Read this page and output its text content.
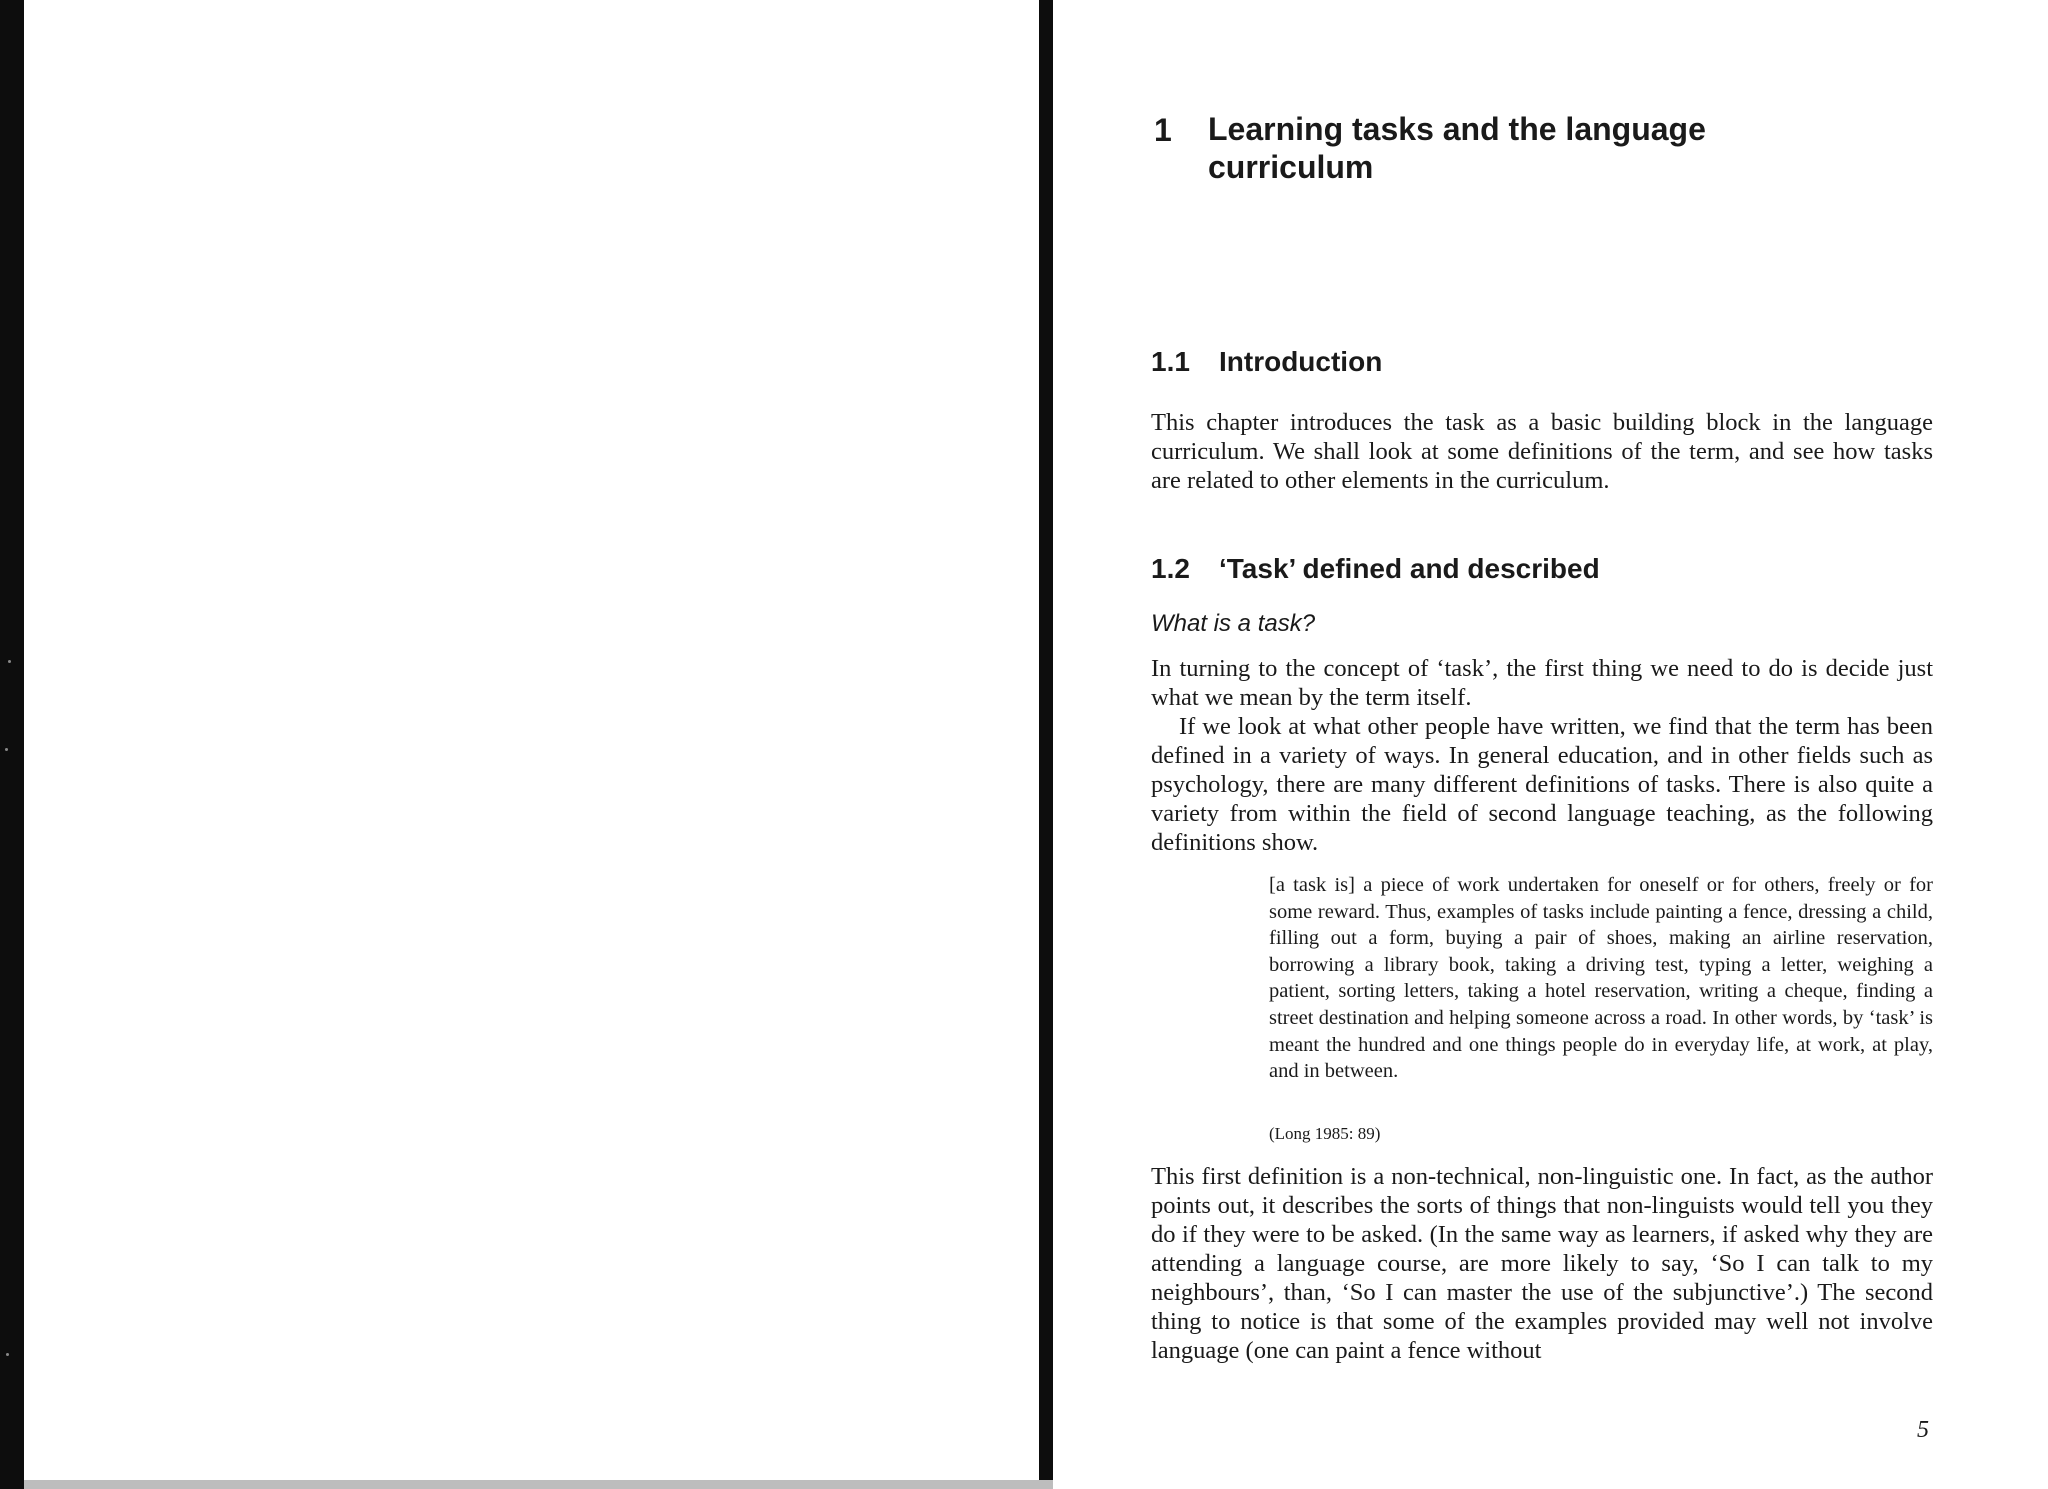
1 Learning tasks and the language curriculum
1.1 Introduction

This chapter introduces the task as a basic building block in the language curriculum. We shall look at some definitions of the term, and see how tasks are related to other elements in the curriculum.

1.2 ‘Task’ defined and described
What is a task?

In turning to the concept of ‘task’, the first thing we need to do is decide just what we mean by the term itself.

If we look at what other people have written, we find that the term has been defined in a variety of ways. In general education, and in other fields such as psychology, there are many different definitions of tasks. There is also quite a variety from within the field of second language teaching, as the following definitions show.

[a task is] a piece of work undertaken for oneself or for others, freely or for some reward. Thus, examples of tasks include painting a fence, dressing a child, filling out a form, buying a pair of shoes, making an airline reservation, borrowing a library book, taking a driving test, typing a letter, weighing a patient, sorting letters, taking a hotel reservation, writing a cheque, finding a street destination and helping someone across a road. In other words, by ‘task’ is meant the hundred and one things people do in everyday life, at work, at play, and in between.

(Long 1985: 89)

This first definition is a non-technical, non-linguistic one. In fact, as the author points out, it describes the sorts of things that non-linguists would tell you they do if they were to be asked. (In the same way as learners, if asked why they are attending a language course, are more likely to say, ‘So I can talk to my neighbours’, than, ‘So I can master the use of the subjunctive’.) The second thing to notice is that some of the examples provided may well not involve language (one can paint a fence without

5
